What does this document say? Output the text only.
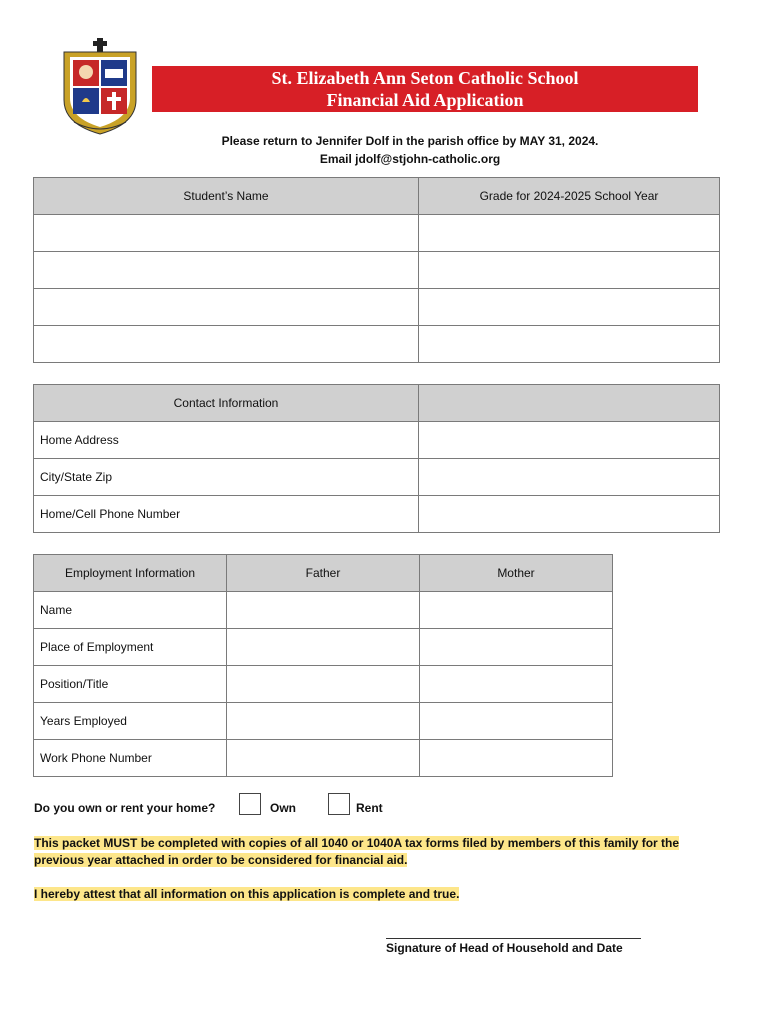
St. Elizabeth Ann Seton Catholic School
Financial Aid Application
Please return to Jennifer Dolf in the parish office by MAY 31, 2024.
Email jdolf@stjohn-catholic.org
Student’s Name	Grade for 2024-2025 School Year

Contact Information	
Home Address	
City/State Zip	
Home/Cell Phone Number	
Employment Information	Father	Mother
Name		
Place of Employment		
Position/Title		
Years Employed		
Work Phone Number		
Do you own or rent your home?	Own	Rent
This packet MUST be completed with copies of all 1040 or 1040A tax forms filed by members of this family for the previous year attached in order to be considered for financial aid.
I hereby attest that all information on this application is complete and true.
Signature of Head of Household and Date
